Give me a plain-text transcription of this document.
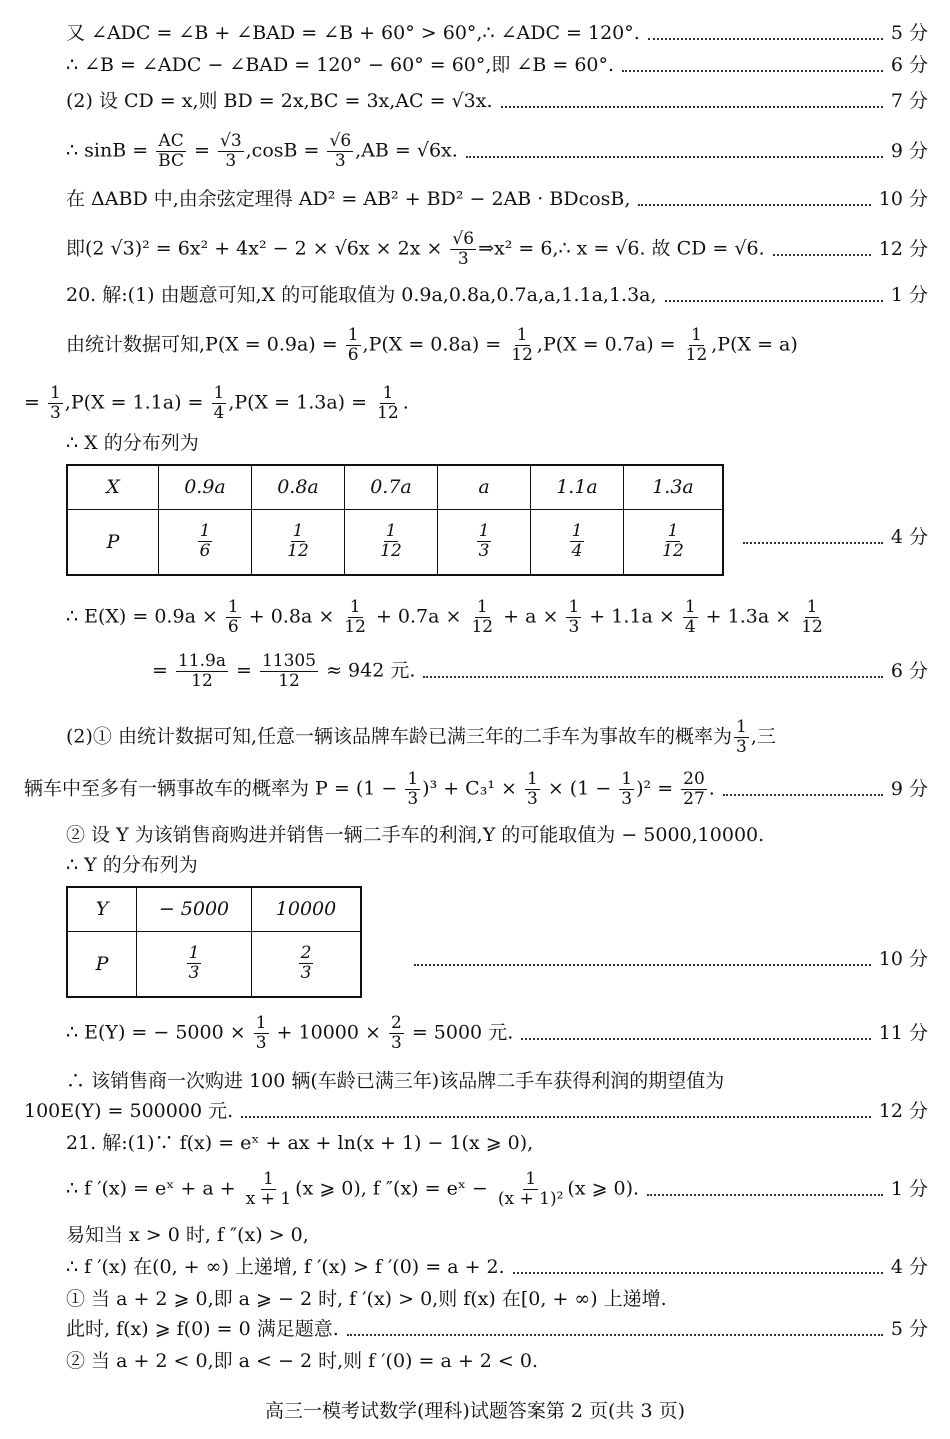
又 ∠ADC = ∠B + ∠BAD = ∠B + 60° > 60°,∴ ∠ADC = 120°.	5 分
∴ ∠B = ∠ADC − ∠BAD = 120° − 60° = 60°,即 ∠B = 60°.	6 分
(2) 设 CD = x,则 BD = 2x,BC = 3x,AC = √3x.	7 分
∴ $\sin B = \frac{AC}{BC} = \frac{√3}{3} ,\cos B = \frac{√6}{3} ,AB = √6x$.	9 分
在 ΔABD 中,由余弦定理得 AD² = AB² + BD² − 2AB · BDcosB,	10 分
即(2 $√3)^2 = 6x^2 + 4x^2 - 2 \times √6x \times 2x \times \frac{√6}{3}$ ⇒x² = 6,∴ x = √6. 故 CD = √6.	12 分
20. 解:(1) 由题意可知,X 的可能取值为 0.9a,0.8a,0.7a,a,1.1a,1.3a,	1 分
由统计数据可知$,P(X = 0.9a) = \frac{1}{6} ,P(X = 0.8a) = \frac{1}{12} ,P(X = 0.7a) = \frac{1}{12} ,P(X = a)$
= $\frac{1}{3} ,P(X = 1.1a) = \frac{1}{4} ,P(X = 1.3a) = \frac{1}{12}$ .
∴ X 的分布列为
X	0.9a	0.8a	0.7a	a	1.1a	1.3a
P	$\frac{1}{6}$	$\frac{1}{12}$	$\frac{1}{12}$	$\frac{1}{3}$	$\frac{1}{4}$	$\frac{1}{12}$	4 分
∴ $E(X) = 0.9a \times \frac{1}{6} + 0.8a \times \frac{1}{12} + 0.7a \times \frac{1}{12} + a \times \frac{1}{3} + 1.1a \times \frac{1}{4} + 1.3a \times \frac{1}{12}$
= $\frac{11.9a}{12} = \frac{11305}{12} \approx 942$ 元.	6 分
(2)① 由统计数据可知,任意一辆该品牌车龄已满三年的二手车为事故车的概率为 $\frac{1}{3}$ ,三
辆车中至多有一辆事故车的概率为 $P = (1 - \frac{1}{3} )^3 + C_3^1 \times \frac{1}{3} \times (1 - \frac{1}{3} )^2 = \frac{20}{27}$ .	9 分
② 设 Y 为该销售商购进并销售一辆二手车的利润,Y 的可能取值为 − 5000,10000.
∴ Y 的分布列为
Y	− 5000	10000
P	$\frac{1}{3}$	$\frac{2}{3}$	10 分
∴ E(Y) = − $5000 \times \frac{1}{3} + 10000 \times \frac{2}{3} = 5000$ 元.	11 分
∴ 该销售商一次购进 100 辆(车龄已满三年)该品牌二手车获得利润的期望值为
100E(Y) = 500000 元.	12 分
21. 解:(1)∵ f(x) = eˣ + ax + ln(x + 1) − 1(x ⩾ 0),
∴ f ′(x) = eˣ + $a + \frac{1}{x + 1} (x$ ⩾ 0), f ″(x) = eˣ − $\frac{1}{\text{(x + 1)²}} (x$ ⩾ 0).	1 分
易知当 x > 0 时, f ″(x) > 0,
∴ f ′(x) 在(0, + ∞) 上递增, f ′(x) > f ′(0) = a + 2.	4 分
① 当 a + 2 ⩾ 0,即 a ⩾ − 2 时, f ′(x) > 0,则 f(x) 在[0, + ∞) 上递增.
此时, f(x) ⩾ f(0) = 0 满足题意.	5 分
② 当 a + 2 < 0,即 a < − 2 时,则 f ′(0) = a + 2 < 0.
高三一模考试数学(理科)试题答案第 2 页(共 3 页)
